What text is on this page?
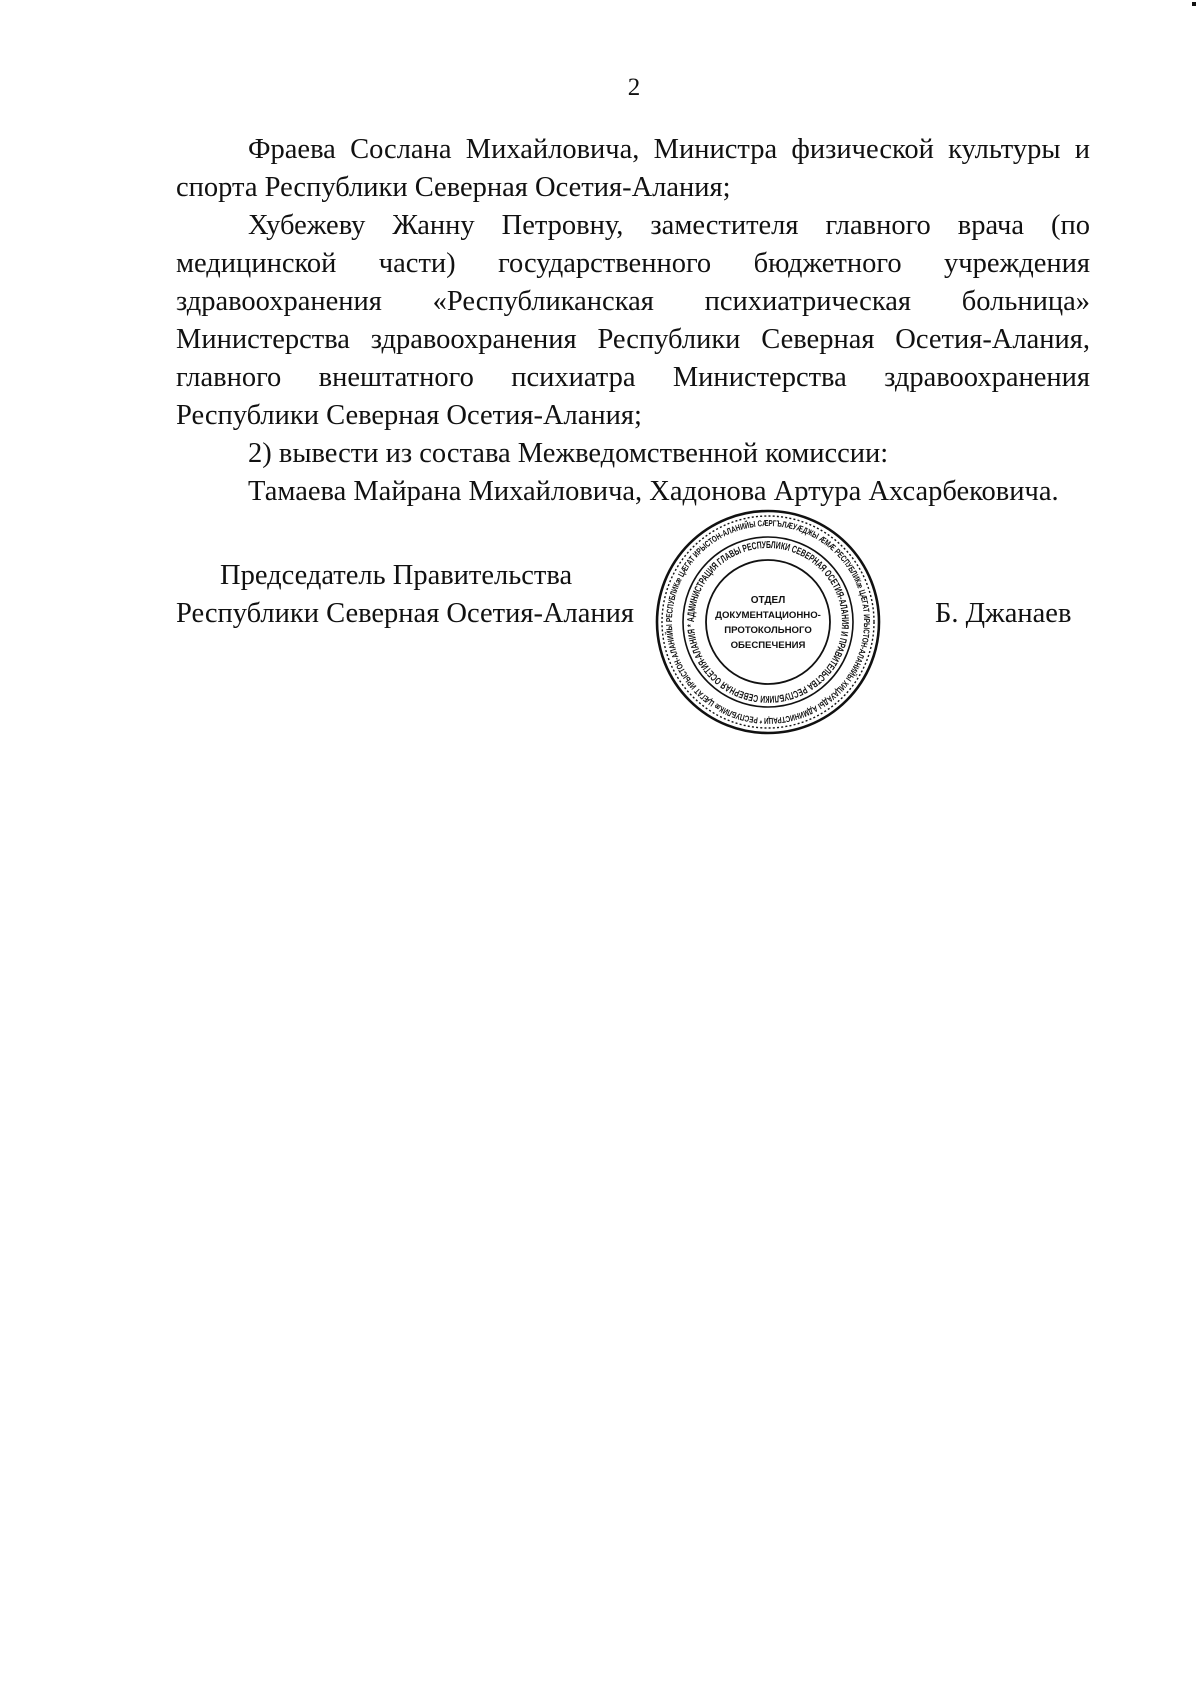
2

Фраева Сослана Михайловича, Министра физической культуры и спорта Республики Северная Осетия-Алания;

Хубежеву Жанну Петровну, заместителя главного врача (по медицинской части) государственного бюджетного учреждения здравоохранения «Республиканская психиатрическая больница» Министерства здравоохранения Республики Северная Осетия-Алания, главного внештатного психиатра Министерства здравоохранения Республики Северная Осетия-Алания;

2) вывести из состава Межведомственной комиссии:

Тамаева Майрана Михайловича, Хадонова Артура Ахсарбековича.

Председатель Правительства
Республики Северная Осетия-Алания	Б. Джанаев
РЕСПУБЛИКæ ЦÆГАТ ИРЫСТОН-АЛАНИЙЫ СÆРГЪЛÆУÆДЖЫ ÆМÆ РЕСПУБЛИКæ ЦÆГАТ ИРЫСТОН-АЛАНИЙЫ ХИЦАУАДЫ АДМИНИСТРАЦИ * РЕСПУБЛИКæ ЦÆГАТ ИРЫСТОН-АЛАНИЙЫ
АДМИНИСТРАЦИЯ ГЛАВЫ РЕСПУБЛИКИ СЕВЕРНАЯ ОСЕТИЯ-АЛАНИЯ И ПРАВИТЕЛЬСТВА РЕСПУБЛИКИ СЕВЕРНАЯ ОСЕТИЯ-АЛАНИЯ *
ОТДЕЛ
ДОКУМЕНТАЦИОННО-
ПРОТОКОЛЬНОГО
ОБЕСПЕЧЕНИЯ
